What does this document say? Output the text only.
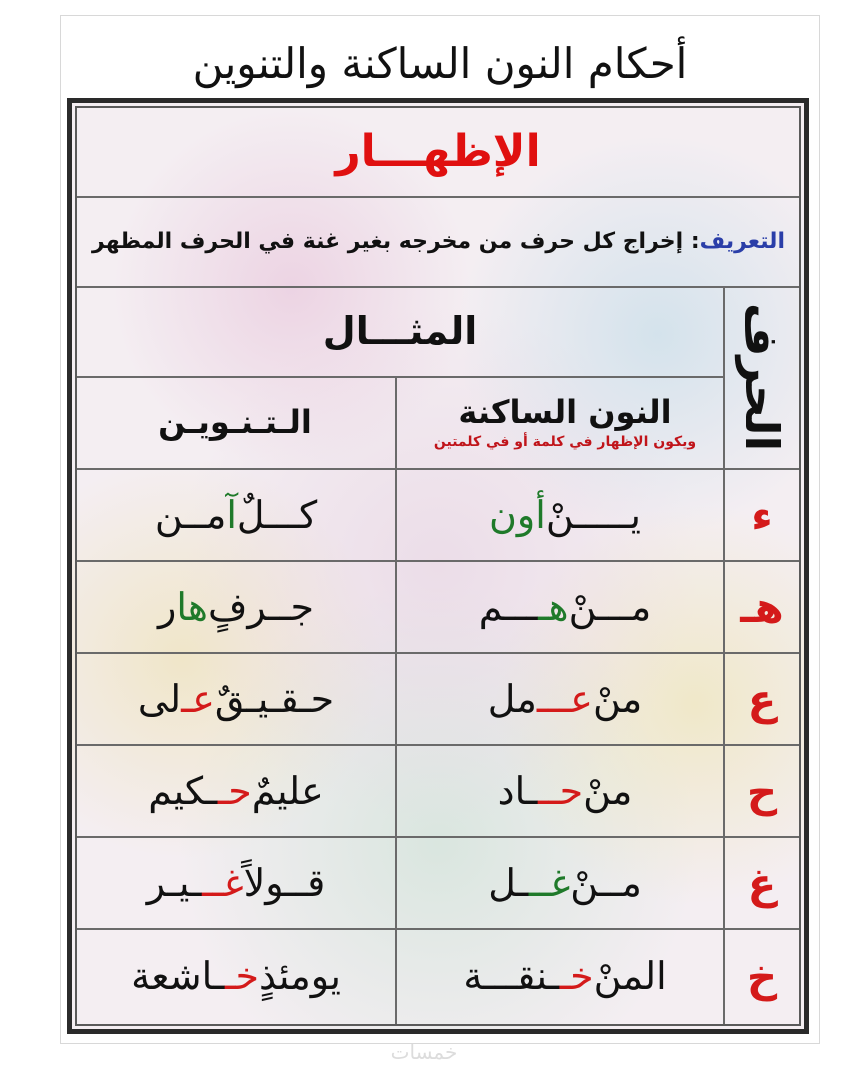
أحكام النون الساكنة والتنوين
الإظهـــار
التعريف
: إخراج كل حرف من مخرجه بغير غنة في الحرف المظهر
الحرف
المثـــال
النون الساكنة
ويكون الإظهار في كلمة أو في كلمتين
الـتـنـويـن
ء
يـــــنْ
أون
كـــلٌ
آ
مــن
هـ
مـــنْ
هـ
ـــم
جــرفٍ
ها
ر
ع
منْ
عـــ
مل
حـقـيـقٌ
عـ
لى
ح
منْ
حــ
ـاد
عليمٌ
حـ
ـكيم
غ
مــنْ
غــ
ـل
قــولاً
غــ
ـيـر
خ
المنْ
خـ
ـنقـــة
يومئذٍ
خـ
ـاشعة
خمسات
